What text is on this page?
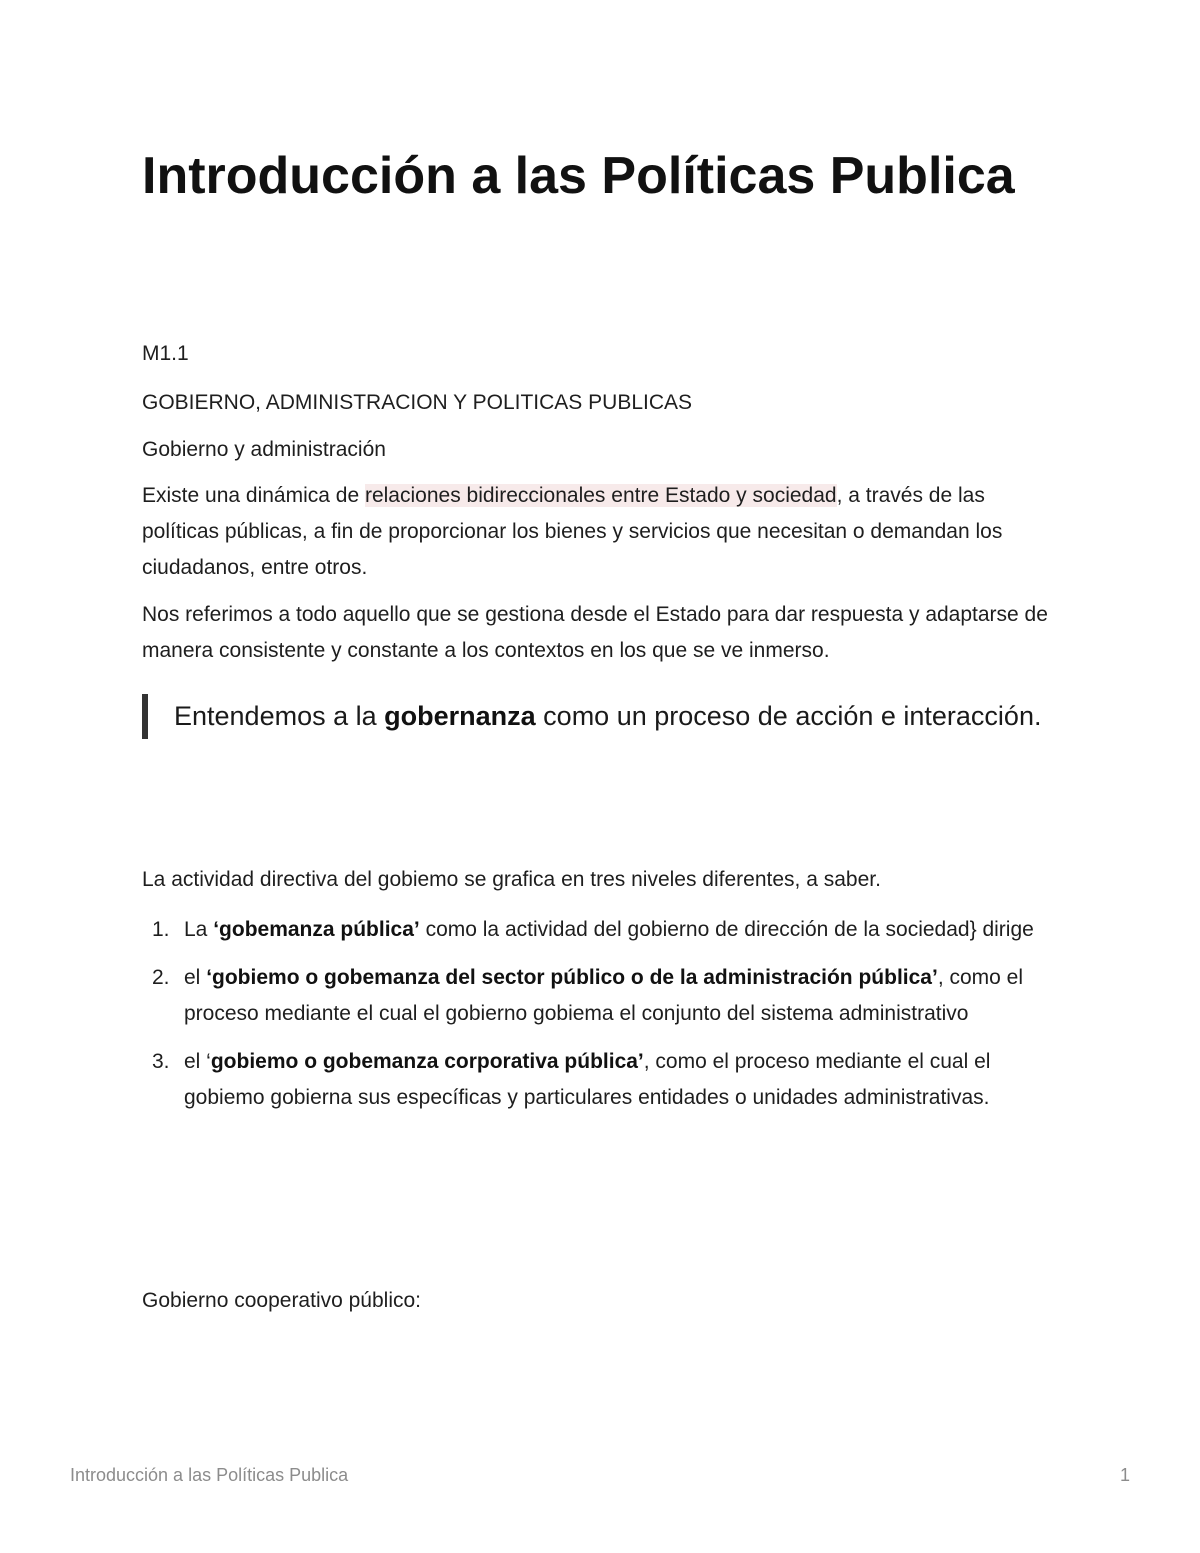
Introducción a las Políticas Publica

M1.1

GOBIERNO, ADMINISTRACION Y POLITICAS PUBLICAS

Gobierno y administración

Existe una dinámica de relaciones bidireccionales entre Estado y sociedad, a través de las políticas públicas, a fin de proporcionar los bienes y servicios que necesitan o demandan los ciudadanos, entre otros.

Nos referimos a todo aquello que se gestiona desde el Estado para dar respuesta y adaptarse de manera consistente y constante a los contextos en los que se ve inmerso.

Entendemos a la gobernanza como un proceso de acción e interacción.

La actividad directiva del gobiemo se grafica en tres niveles diferentes, a saber.

1. La ‘gobemanza pública’ como la actividad del gobierno de dirección de la sociedad} dirige
2. el ‘gobiemo o gobemanza del sector público o de la administración pública’, como el proceso mediante el cual el gobierno gobiema el conjunto del sistema administrativo
3. el ‘gobiemo o gobemanza corporativa pública’, como el proceso mediante el cual el gobiemo gobierna sus específicas y particulares entidades o unidades administrativas.

Gobierno cooperativo público:

Introducción a las Políticas Publica	1
